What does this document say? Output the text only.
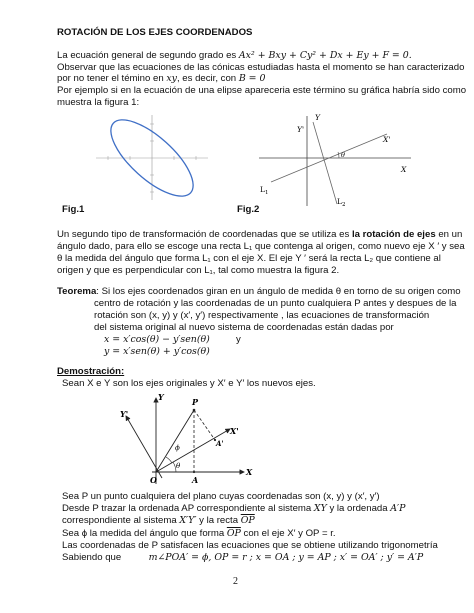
ROTACIÓN DE LOS EJES COORDENADOS
La ecuación general de segundo grado es Ax² + Bxy + Cy² + Dx + Ey + F = 0.
Observar que las ecuaciones de las cónicas estudiadas hasta el momento se han caracterizado
por no tener el témino en xy, es decir, con B = 0
Por ejemplo si en la ecuación de una elipse apareceria este término su gráfica habría sido como
muestra la figura 1:
Fig.1
Y'
Y
X'
X
θ
$L_1$
$L_2$
Fig.2
Un segundo tipo de transformación de coordenadas que se utiliza es la rotación de ejes en un
ángulo dado, para ello se escoge una recta L₁ que contenga al origen, como nuevo eje X ′ y sea
θ la medida del ángulo que forma L₁ con el eje X. El eje Y ′ será la recta L₂ que contiene al
origen y que es perpendicular con L₁, tal como muestra la figura 2.
Teorema: Si los ejes coordenados giran en un ángulo de medida θ en torno de su origen como
centro de rotación y las coordenadas de un punto cualquiera P antes y despues de la
rotación son (x, y) y (x′, y′) respectivamente , las ecuaciones de transformación
del sistema original al nuevo sistema de coordenadas están dadas por
x = x′cos(θ) − y′sen(θ)	y
y = x′sen(θ) + y′cos(θ)
Demostración:
Sean X e Y son los ejes originales y X′ e Y′ los nuevos ejes.
Y
Y'
P
X'
A'
ϕ
θ
O	A
X
Sea P un punto cualquiera del plano cuyas coordenadas son (x, y) y (x′, y′)
Desde P trazar la ordenada AP correspondiente al sistema XY y la ordenada A′P
correspondiente al sistema X′Y′ y la recta $\overline{OP}$
Sea ϕ la medida del ángulo que forma $\overline{OP}$ con el eje X′ y OP = r.
Las coordenadas de P satisfacen las ecuaciones que se obtiene utilizando trigonometría
Sabiendo que	m∠POA′ = ϕ, OP = r ; x = OA ; y = AP ; x′ = OA′ ; y′ = A′P
2
